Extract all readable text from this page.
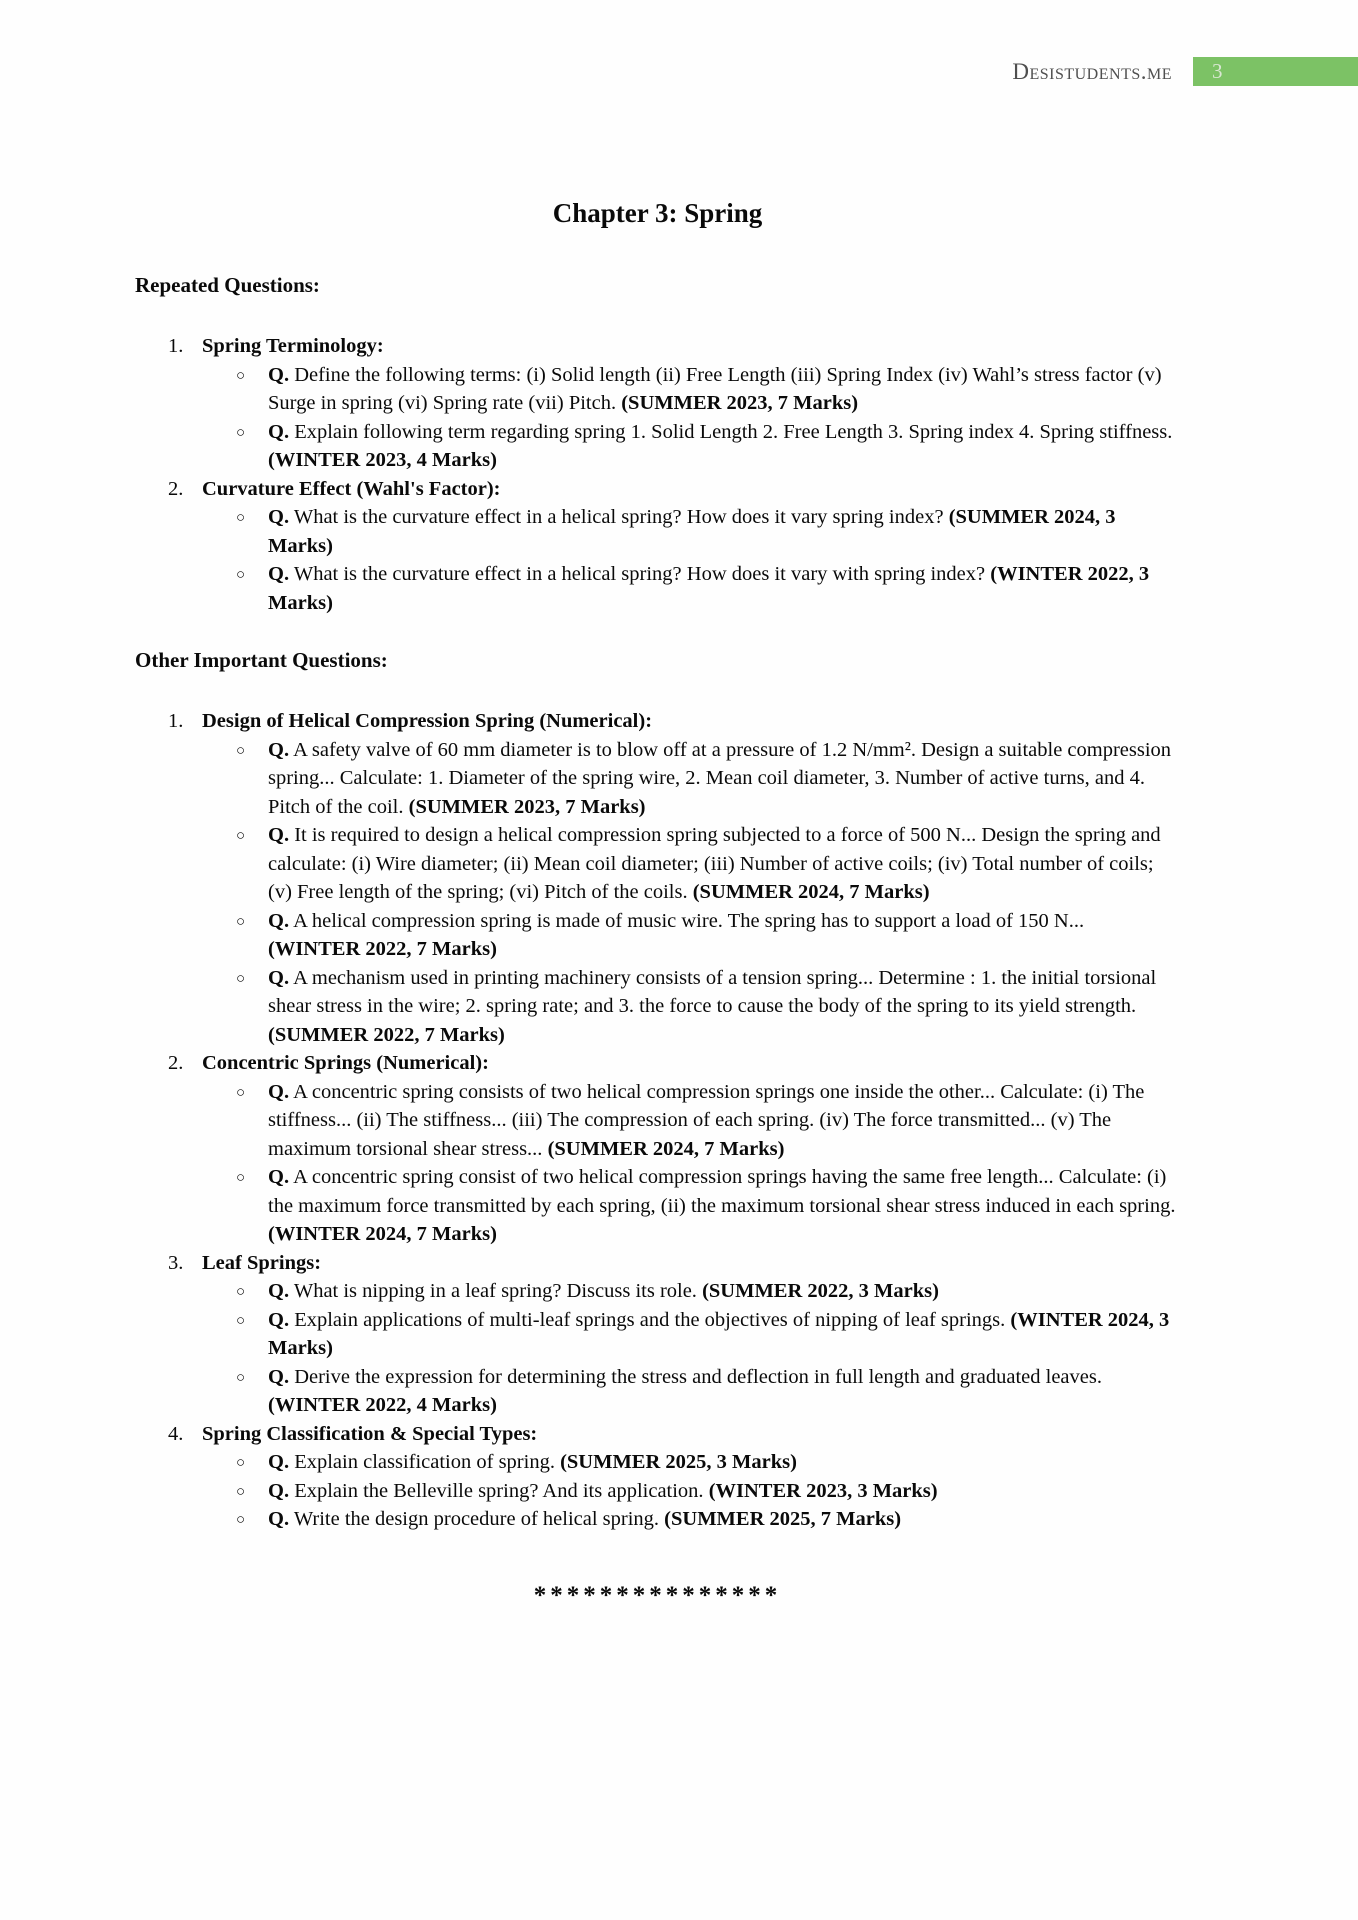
Desistudents.me 3
Chapter 3: Spring
Repeated Questions:
1. Spring Terminology:
○ Q. Define the following terms: (i) Solid length (ii) Free Length (iii) Spring Index (iv) Wahl’s stress factor (v) Surge in spring (vi) Spring rate (vii) Pitch. (SUMMER 2023, 7 Marks)
○ Q. Explain following term regarding spring 1. Solid Length 2. Free Length 3. Spring index 4. Spring stiffness. (WINTER 2023, 4 Marks)
2. Curvature Effect (Wahl's Factor):
○ Q. What is the curvature effect in a helical spring? How does it vary spring index? (SUMMER 2024, 3 Marks)
○ Q. What is the curvature effect in a helical spring? How does it vary with spring index? (WINTER 2022, 3 Marks)
Other Important Questions:
1. Design of Helical Compression Spring (Numerical):
○ Q. A safety valve of 60 mm diameter is to blow off at a pressure of 1.2 N/mm². Design a suitable compression spring... Calculate: 1. Diameter of the spring wire, 2. Mean coil diameter, 3. Number of active turns, and 4. Pitch of the coil. (SUMMER 2023, 7 Marks)
○ Q. It is required to design a helical compression spring subjected to a force of 500 N... Design the spring and calculate: (i) Wire diameter; (ii) Mean coil diameter; (iii) Number of active coils; (iv) Total number of coils; (v) Free length of the spring; (vi) Pitch of the coils. (SUMMER 2024, 7 Marks)
○ Q. A helical compression spring is made of music wire. The spring has to support a load of 150 N... (WINTER 2022, 7 Marks)
○ Q. A mechanism used in printing machinery consists of a tension spring... Determine : 1. the initial torsional shear stress in the wire; 2. spring rate; and 3. the force to cause the body of the spring to its yield strength. (SUMMER 2022, 7 Marks)
2. Concentric Springs (Numerical):
○ Q. A concentric spring consists of two helical compression springs one inside the other... Calculate: (i) The stiffness... (ii) The stiffness... (iii) The compression of each spring. (iv) The force transmitted... (v) The maximum torsional shear stress... (SUMMER 2024, 7 Marks)
○ Q. A concentric spring consist of two helical compression springs having the same free length... Calculate: (i) the maximum force transmitted by each spring, (ii) the maximum torsional shear stress induced in each spring. (WINTER 2024, 7 Marks)
3. Leaf Springs:
○ Q. What is nipping in a leaf spring? Discuss its role. (SUMMER 2022, 3 Marks)
○ Q. Explain applications of multi-leaf springs and the objectives of nipping of leaf springs. (WINTER 2024, 3 Marks)
○ Q. Derive the expression for determining the stress and deflection in full length and graduated leaves. (WINTER 2022, 4 Marks)
4. Spring Classification & Special Types:
○ Q. Explain classification of spring. (SUMMER 2025, 3 Marks)
○ Q. Explain the Belleville spring? And its application. (WINTER 2023, 3 Marks)
○ Q. Write the design procedure of helical spring. (SUMMER 2025, 7 Marks)
***************
